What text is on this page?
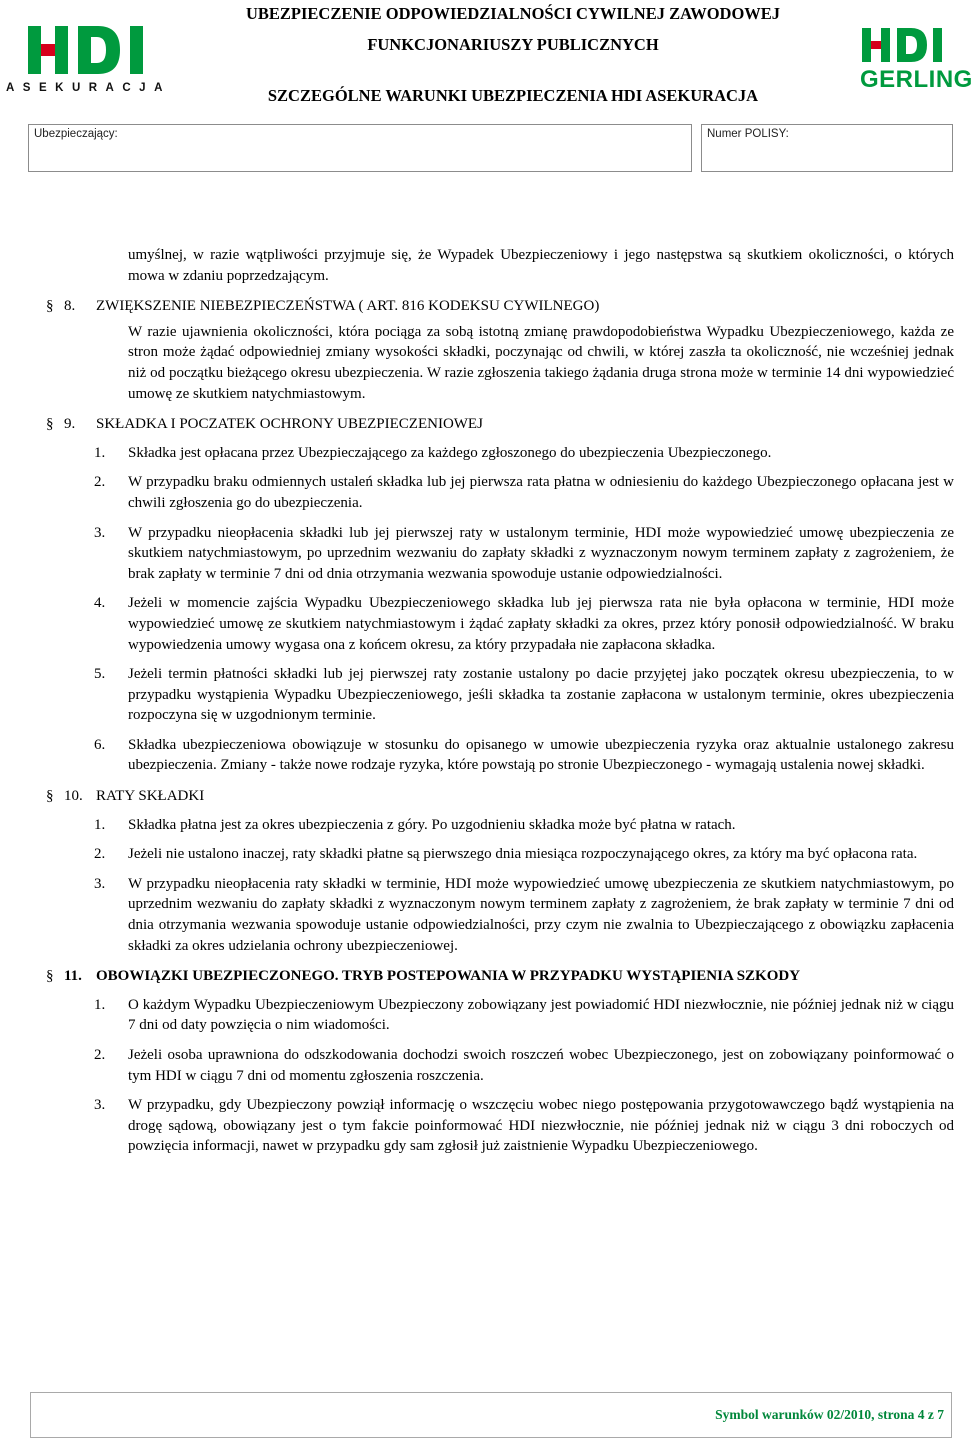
ASEKURACJA
UBEZPIECZENIE ODPOWIEDZIALNOŚCI CYWILNEJ ZAWODOWEJ
FUNKCJONARIUSZY PUBLICZNYCH
SZCZEGÓLNE WARUNKI UBEZPIECZENIA HDI ASEKURACJA
GERLING
Ubezpieczający:	Numer POLISY:

umyślnej, w razie wątpliwości przyjmuje się, że Wypadek Ubezpieczeniowy i jego następstwa są skutkiem okoliczności, o których mowa w zdaniu poprzedzającym.

§ 8. ZWIĘKSZENIE NIEBEZPIECZEŃSTWA ( ART. 816 KODEKSU CYWILNEGO)

W razie ujawnienia okoliczności, która pociąga za sobą istotną zmianę prawdopodobieństwa Wypadku Ubezpieczeniowego, każda ze stron może żądać odpowiedniej zmiany wysokości składki, poczynając od chwili, w której zaszła ta okoliczność, nie wcześniej jednak niż od początku bieżącego okresu ubezpieczenia. W razie zgłoszenia takiego żądania druga strona może w terminie 14 dni wypowiedzieć umowę ze skutkiem natychmiastowym.

§ 9. SKŁADKA I POCZATEK OCHRONY UBEZPIECZENIOWEJ
1. Składka jest opłacana przez Ubezpieczającego za każdego zgłoszonego do ubezpieczenia Ubezpieczonego.
2. W przypadku braku odmiennych ustaleń składka lub jej pierwsza rata płatna w odniesieniu do każdego Ubezpieczonego opłacana jest w chwili zgłoszenia go do ubezpieczenia.
3. W przypadku nieopłacenia składki lub jej pierwszej raty w ustalonym terminie, HDI może wypowiedzieć umowę ubezpieczenia ze skutkiem natychmiastowym, po uprzednim wezwaniu do zapłaty składki z wyznaczonym nowym terminem zapłaty z zagrożeniem, że brak zapłaty w terminie 7 dni od dnia otrzymania wezwania spowoduje ustanie odpowiedzialności.
4. Jeżeli w momencie zajścia Wypadku Ubezpieczeniowego składka lub jej pierwsza rata nie była opłacona w terminie, HDI może wypowiedzieć umowę ze skutkiem natychmiastowym i żądać zapłaty składki za okres, przez który ponosił odpowiedzialność. W braku wypowiedzenia umowy wygasa ona z końcem okresu, za który przypadała nie zapłacona składka.
5. Jeżeli termin płatności składki lub jej pierwszej raty zostanie ustalony po dacie przyjętej jako początek okresu ubezpieczenia, to w przypadku wystąpienia Wypadku Ubezpieczeniowego, jeśli składka ta zostanie zapłacona w ustalonym terminie, okres ubezpieczenia rozpoczyna się w uzgodnionym terminie.
6. Składka ubezpieczeniowa obowiązuje w stosunku do opisanego w umowie ubezpieczenia ryzyka oraz aktualnie ustalonego zakresu ubezpieczenia. Zmiany - także nowe rodzaje ryzyka, które powstają po stronie Ubezpieczonego - wymagają ustalenia nowej składki.
§ 10. RATY SKŁADKI
1. Składka płatna jest za okres ubezpieczenia z góry. Po uzgodnieniu składka może być płatna w ratach.
2. Jeżeli nie ustalono inaczej, raty składki płatne są pierwszego dnia miesiąca rozpoczynającego okres, za który ma być opłacona rata.
3. W przypadku nieopłacenia raty składki w terminie, HDI może wypowiedzieć umowę ubezpieczenia ze skutkiem natychmiastowym, po uprzednim wezwaniu do zapłaty składki z wyznaczonym nowym terminem zapłaty z zagrożeniem, że brak zapłaty w terminie 7 dni od dnia otrzymania wezwania spowoduje ustanie odpowiedzialności, przy czym nie zwalnia to Ubezpieczającego z obowiązku zapłacenia składki za okres udzielania ochrony ubezpieczeniowej.
§ 11. OBOWIĄZKI UBEZPIECZONEGO. TRYB POSTEPOWANIA W PRZYPADKU WYSTĄPIENIA SZKODY
1. O każdym Wypadku Ubezpieczeniowym Ubezpieczony zobowiązany jest powiadomić HDI niezwłocznie, nie później jednak niż w ciągu 7 dni od daty powzięcia o nim wiadomości.
2. Jeżeli osoba uprawniona do odszkodowania dochodzi swoich roszczeń wobec Ubezpieczonego, jest on zobowiązany poinformować o tym HDI w ciągu 7 dni od momentu zgłoszenia roszczenia.
3. W przypadku, gdy Ubezpieczony powziął informację o wszczęciu wobec niego postępowania przygotowawczego bądź wystąpienia na drogę sądową, obowiązany jest o tym fakcie poinformować HDI niezwłocznie, nie później jednak niż w ciągu 3 dni roboczych od powzięcia informacji, nawet w przypadku gdy sam zgłosił już zaistnienie Wypadku Ubezpieczeniowego.
Symbol warunków 02/2010, strona 4 z 7
